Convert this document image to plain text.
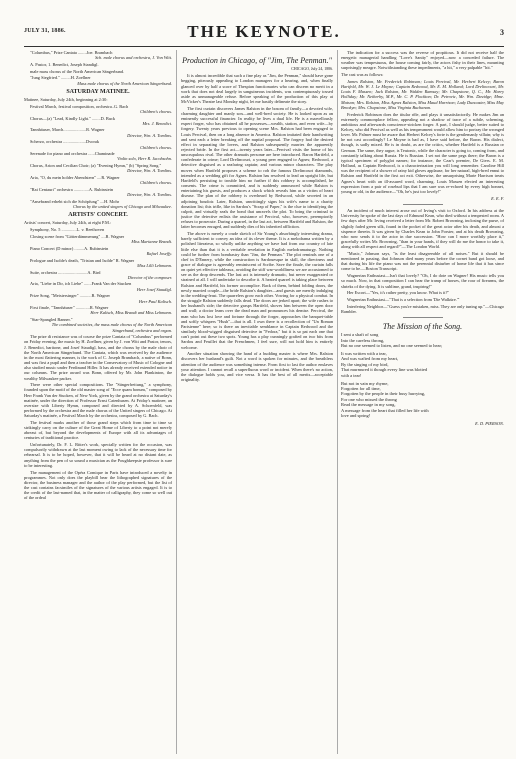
JULY 31, 1886.	THE KEYNOTE.	3

"Columbus," Prize Cantata ........Joe. Brambach
Sch. male chorus and orchestra, J. Von Witt.

A. Pastor, 1. Benedict, Joseph Standigl.

male mass chorus of the North American Sängerbund.

"Jung Siegfried." .........H. Zoellner
Mass male chorus of the North American Sängerbund.

SATURDAY MATINEE.

Matinee, Saturday, July 24th, beginning at 2:30:

Festival March, festival composition, orchestra..G. Bach
Children's chorus.

Chorus—(a) "Lead, Kindly Light." ........D. Buck
Mrs. J. Benedict.

Tannhäuser, March.....................R. Wagner
Director, Wm. A. Tomlins.

Scherzo, orchestra .....................Dvorak
Children's chorus.

Serenade for piano and orchestra ......Chaminade
Violin solo, Herr R. Jacobsohn.

Chorus, Arion and Cecilian Choir; (a) "Evening Hymn," (b) "Spring Song."
Director, Wm. A. Tomlins.

Aria, "O, du mein holder Abendstern" ....R. Wagner
Children's chorus.

"Rai Centauri" orchestra ..............A. Rubinstein
Director, Wm. A. Tomlins.

"Ansebrand erhebt sich die Schöpfung" ....H. Mohr
Chorus by the united singers of Chicago and Milwaukee.

ARTISTS' CONCERT.

Artists' concert, Saturday, July 24th, at eight P.M.:

Symphony, No. 5 ..............L. v. Beethoven

Closing scene from "Götterdämmerung" ....R. Wagner
Miss Marianne Brandt.

Piano Concert (D minor) .........A. Rubinstein
Rafael Joseffy.

Prologue and Isolde's death, "Tristan and Isolde" R. Wagner
Miss Lilli Lehmann.

Suite, orchestra ...........................A. Bird
Director of the composer.

Aria, "Liebe in Dir, ich Liebe" .......Frank Van der Stucken
Herr Josef Staudigl.

Prize Song, "Meistersinger" ...........R. Wagner
Herr Paul Kalisch.

First finale, "Tannhäuser" .............R. Wagner
Herr Kalisch, Miss Brandt and Miss Lehmann.

"Star-Spangled Banner."
The combined societies, the mass male chorus of the North American Sängerbund, orchestra and organ.

The prize di resistance was of course the prize Cantata of "Columbus" performed on Friday evening, the music by H. Zoellner, given by J. von Witt and Pastor, tenors, J. Benedict, baritone, and Josef Staudigl, bass, and the chorus by the male choir of the North American Sängerbund. The Cantata, which was received by the audience in the most flattering manner, is the work of C. Joseph Brambach, a native of Bonn, and was first a pupil and then a teacher in the Conservatory of Music of Cologne and also studied music under Ferdinand Hiller. It has already received extended notice in our columns. The prize award was Bonn, offered by Mr. John Plankinton, the wealthy Milwaukee packer.

There were other special compositions. The "Sängerfreitung," a symphony, founded upon the motif of the old master song of "Ecce quam bonum," composed by Herr Frank Van der Stucken, of New York, given by the grand orchestra at Saturday's matinée, under the direction of Professor Ernst Catenhusen. At Friday's matinee, an oversize with Liberty Hymn, composed and directed by A. Schoenfeld, was performed by the orchestra and the male chorus of the United singers of Chicago. At Saturday's matinée, a Festival March by the orchestra, composed by G. Bach.

The festival marks another of those grand steps which from time to time so strikingly carry on the culture of the Great Home of Liberty to a point not merely abreast of, but beyond the developments of Europe with all its advantages of centuries of traditional practice.

Unfortunately, Dr. F. L. Ritter's work, specially written for the occasion, was compulsorily withdrawn at the last moment owing to lack of the necessary time for rehearsal. It is to be hoped, however, that it will be heard at no distant date, as anything from the pen of so sound a musician as the Poughkeepsie professor is sure to be interesting.

The management of the Opéra Comique in Paris have introduced a novelty in programmes. Not only does the playbill bear the lithographed signatures of the director, the business manager and the author of the play performed, but the list of the cast contains facsimiles of the signatures of the various artists engaged. It is to the credit of the last-named that, in the matter of calligraphy, they come so well out of the ordeal

Production in Chicago, of "Jim, The Penman."

CHICAGO, July 24, 1886.

It is almost incredible that such a fine play as "Jim, the Penman," should have gone begging, piteously appealing to London managers for a hearing, and, when finally glanced over by half a score of Thespian functionaries who can discern no merit in a work that does not deal largely in sanguineous incidents, was contemptuously tossed aside as unmanageable refuse. Before speaking of the production of this play at McVicker's Theatre last Monday night, let me hastily delineate the story.

The first curtain discovers James Ralston in the bosom of family—a devoted wife, charming daughter and manly son—and well-bred society. He is looked upon as an eminently successful financier. In reality he lives a dual life. He is a marvellously expert forger, who has obtained all he possesses—wealth, station, and even wife—by forgery. Twenty years previous to opening scene Mrs. Ralston had been engaged to Louis Percival, then on a long absence in America. Ralston imitated their handwriting and sent each a letter breaking off the nuptial proposal. The forgery had the desired effect in separating the lovers, and Ralston subsequently marries the apparently rejected bride. In the first act—twenty years later—Percival visits the home of his unscrupulous rival. The other dramatis personæ are here introduced. Baron Hartfeld, a confederate in crime; Lord Drelincourt, a young peer engaged to Agnes; Redwood, a detective disguised as a seafaring captain; and various minor characters. The play moves when Hartfeld proposes a scheme to rob the famous Drelincourt diamonds, intended as a wedding gift for Agnes. Ralston has resolved to lead an upright life, but Hartfeld's persisting to trouble him no further if this robbery is accomplished, he consents. The crime is committed, and is suddenly announced while Ralston is entertaining his guests, and produces a shock which reveals him as a victim of heart disease. The plan of the robbery is overheard by Redwood, while secreted in an adjoining boudoir. Later, Ralston, unwittingly signs his wife's name to a charity donation list; this trifle, like in Sardou's "Scrap of Paper," is the clue to identifying the culprit, and virtually seals the bond that unravels the plot. To bring the criminal to justice the detective enlists the assistance of Percival, who, however, peremptorily refuses to prosecute. During a quarrel, in the last act, between Hartfeld and Ralston, the latter becomes enraged, and suddenly dies of his inherited affliction.

The above is merely a crude sketch of Sir Young's absorbingly interesting drama, barely sufficient to convey an idea of its clever theme. It is a melodrama written by a polished literateur, so wholly unlike anything we have had from our country of late little else than that it is a veritable revelation in English melodramaturgy. Nothing could be further from bombastry than "Jim, the Penman." The plot reminds one of a chef in D'Ennery, while the construction is Sardouesque in skill, the directness and grace of dialogue is agreeably reminiscent of Scribe. Save the finale, the curtain falls on quiet yet effective tableaux, avoiding the stiff war-worldliness we are accustomed to see as the drop descends. The last act is intensely dramatic, but never exaggerated or strained at all. I will undertake to describe it. A heated quarrel is taking place between Ralston and Hartfeld, his former accomplice. Back of them, behind folding doors, the newly married couple—the bride Ralston's daughter—and guests are merrily indulging in the wedding-feast. The quarrelers grow each other. Vowing for a physical combat. In the struggle Ralston suddenly falls dead. The doors are jerked apart; the wife rushes to her husband's side; the detective grasps Hartfeld, shoves him between the open door and wall; a doctor leans over the dead man and pronounces his demise. Percival, the man who has lost love and fortune through the forger, approaches the banquet-table and softly whispers "Hush"—that is all. I own there is a recollection of "Un Roman Parisienne" here; so is there an inevitable semblance in Captain Redwood and the similarly blood-wigged disguised detective in "Fedora," but it is so pat each one that can't point out these two spots. Young has a play cunningly grafted on two bits from Sardou and Feuillet that the Frenchmen, I feel sure, will not hold him is entirely welcome.

Another situation showing the hand of a budding master is where Mrs. Ralston discovers her husband's guilt. Not a word is spoken for minutes, and the breathless attention of the audience was something intense. From first to last the author enslaves your attention. I cannot recall a superfluous word or incident. When there's no action, the dialogue holds you, and vice versa. It has the best of all merits—acceptable originality.

The indication for a success was the reverse of propitious. It did not receive half the energetic managerial handling "Love's Sanity" enjoyed—now a conceded failure. The weather was tempestuous, the house coming fairly, the actors fishy in their lines, mounting surprisingly meagre. Notwithstanding these impediments, "a hit," a very palpable "hit."

The cast was as follows:

James Ralston, Mr. Frederick Robinson; Louis Percival, Mr. Herbert Kelcey; Baron Hartfeld, Mr. W. J. Le Moyne; Captain Redwood, Mr. E. M. Holland; Lord Drelincourt, Mr. Louis F. Massen; Jack Ralston, Mr. Walden Ramsay; Mr. Chapstone, Q. C., Mr. Harry Holliday; Mr. Netherby, M.P., Mr. C. P. Flockton; Dr. Petrovic, Mr. Wm. Davidge; Mme. Matson; Mrs. Ralston, Miss Agnes Ralston, Miss Maud Harrison; Lady Duncaster, Miss May Brookyn; Mrs. Chapstone, Miss Virginia Buchanan.

Frederick Robinson does the titular rôle, and plays it unsatisfactorily. He makes Jim an extremely commonplace fellow, appealing not a shadow of trace of a subtle, scheming, ambitious and afterwards conscience-stricken forger. A part, I should judge, better suited to Kelcey, who did Percival as well as his temperament would allow him to portray the wronged lover. Mr. Palmer must be aware that Herbert Kelcey's forte is the gentlemanly villain; why is he not cast accordingly? Le Moyne is bad as, I have said before, the Baron. His dialect, though, is sadly mixed. He is in doubt, as are the critics, whether Hartfeld is a Russian or German. The same, they argue, is Teutonic, while the character is going to, coming from, and constantly talking about Russia. He is Russian. I set not the same pegs there; the Baron is a typical specimen of polyglot names; for instance, the Czar's premier, De Giers. E. M. Holland, as Captain Redwood, is a characterization you will long remember. Caroline Hill was the recipient of a shower of rainy kid gloves applause, for her natural, high-bred ennui to Ralston and Hartfeld in the first act exit. Otherwise, the unsurprising Marie Harrison treats Agnes's heart with an ill-assured word, charming. Louis Massen elected an interesting expression from a pair of rosebud lips that I am sure was re-echoed by every high bonnet, young or old, in the audience—"Oh, he's just too lovely!"

E. E. F.

An incident of much interest arose out of Irving's visit to Oxford. In his address at the University he spoke of the last days of Edmund Kean, who died without a tempested room. A few days after Mr. Irving received a letter from Mr. Robert Browning, inclosing the purse, of slightly faded green silk, found in the pocket of the great actor after his death, and almost a sixpence therein. It was given by Charles Kean to John Forster, and at his death Browning, who now sends it to the actor in due succession. "How can I more worthily place it," gracefully writes Mr. Browning, "than in your hands, if they will do me the honor to take it, along with all respect and regard?"—The London World.

"Music," Johnson says, "is the least disagreeable of all noises." But it should be mentioned in passing, that Johnson died many years before the cornet band got loose, and that during his life the piano was not the perennial disturber of home life that it has since come to be.—Boston Transcript.

Wagnerian Enthusiast—Isn't that lovely? "Oh, I do dote on Wagner! His music tells you so much. Now, in that composition I can hear the tramp of horses, the roar of firearms, the shrieks of the dying. It is sublime, grand, inspiring!"

Her Escort—"Yes, it's rather pretty, you know. What is it?"

Wagnerian Enthusiast—"That is a selection from 'Die Walküre.'"

Interfering Neighbor—"Guess you're mistaken, miss. They are only tuning up."—Chicago Rambler.

The Mission of the Song.

I sent a shaft of song
Into the careless throng,
But no one seemed to listen, and no one seemed to hear;

It was written with a tear,
And was wafted from my heart,
By the singing of my bird,
That murmured it though every line was blotted
with a tear!

But not in vain my rhyme,
Forgotten for all time,
Forgotten by the people in their busy hurrying,
For one who missed the throng
Read the message in my song,
A message from the heart that filled her life with
love and spring!

E. D. PIERSON.
